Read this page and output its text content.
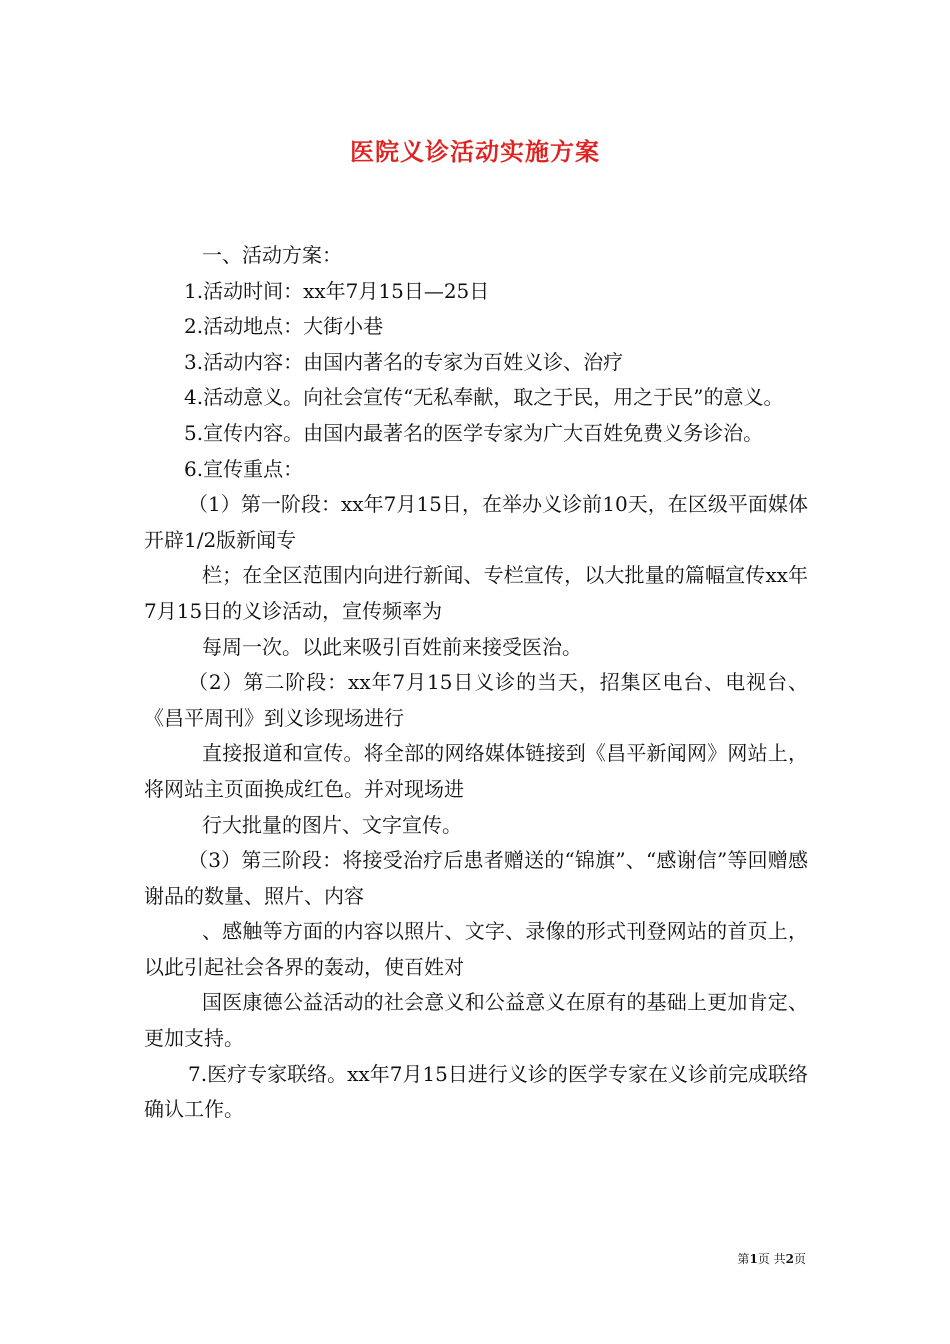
医院义诊活动实施方案

一、活动方案：

1.活动时间：xx年7月15日—25日

2.活动地点：大街小巷

3.活动内容：由国内著名的专家为百姓义诊、治疗

4.活动意义。向社会宣传“无私奉献，取之于民，用之于民”的意义。

5.宣传内容。由国内最著名的医学专家为广大百姓免费义务诊治。

6.宣传重点：

（1）第一阶段：xx年7月15日，在举办义诊前10天，在区级平面媒体开辟1/2版新闻专

栏；在全区范围内向进行新闻、专栏宣传，以大批量的篇幅宣传xx年7月15日的义诊活动，宣传频率为

每周一次。以此来吸引百姓前来接受医治。

（2）第二阶段：xx年7月15日义诊的当天，招集区电台、电视台、《昌平周刊》到义诊现场进行

直接报道和宣传。将全部的网络媒体链接到《昌平新闻网》网站上，将网站主页面换成红色。并对现场进

行大批量的图片、文字宣传。

（3）第三阶段：将接受治疗后患者赠送的“锦旗”、“感谢信”等回赠感谢品的数量、照片、内容

、感触等方面的内容以照片、文字、录像的形式刊登网站的首页上，以此引起社会各界的轰动，使百姓对

国医康德公益活动的社会意义和公益意义在原有的基础上更加肯定、更加支持。

7.医疗专家联络。xx年7月15日进行义诊的医学专家在义诊前完成联络确认工作。

第1页 共2页
